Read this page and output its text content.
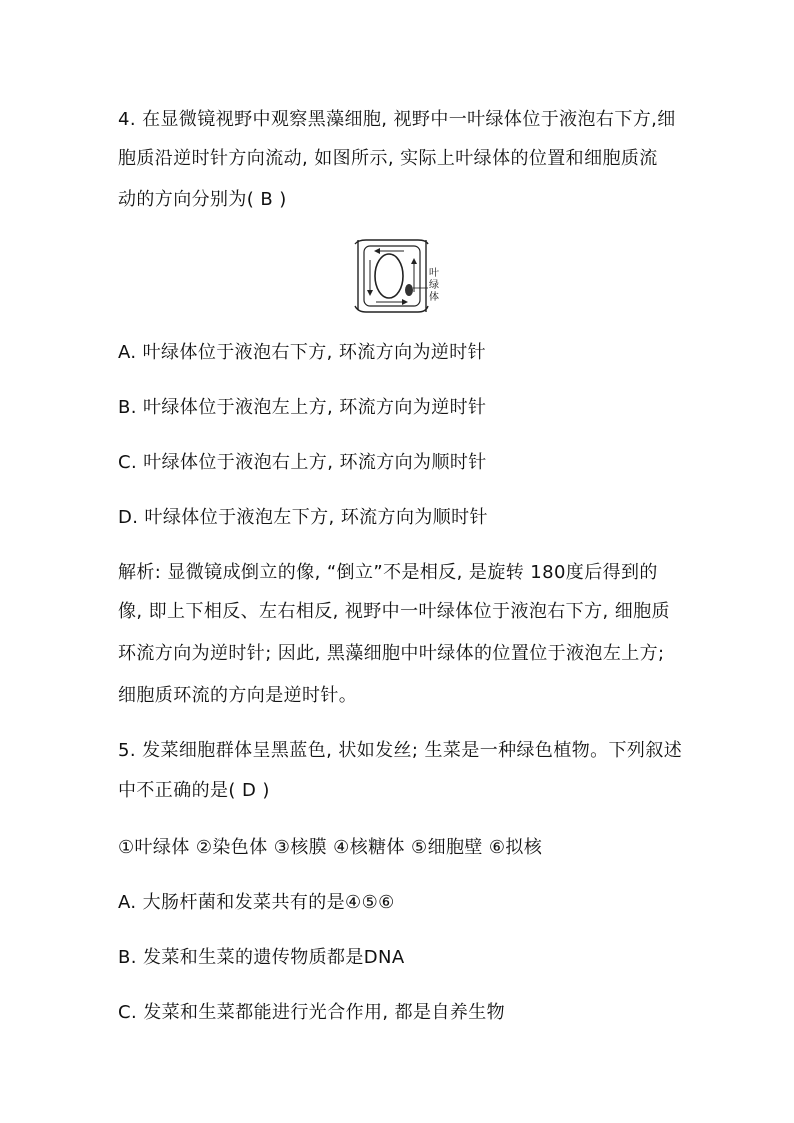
4. 在显微镜视野中观察黑藻细胞, 视野中一叶绿体位于液泡右下方,细
胞质沿逆时针方向流动, 如图所示, 实际上叶绿体的位置和细胞质流
动的方向分别为( B )
叶
绿
体
A. 叶绿体位于液泡右下方, 环流方向为逆时针
B. 叶绿体位于液泡左上方, 环流方向为逆时针
C. 叶绿体位于液泡右上方, 环流方向为顺时针
D. 叶绿体位于液泡左下方, 环流方向为顺时针
解析: 显微镜成倒立的像, “倒立”不是相反, 是旋转 180度后得到的
像, 即上下相反、左右相反, 视野中一叶绿体位于液泡右下方, 细胞质
环流方向为逆时针; 因此, 黑藻细胞中叶绿体的位置位于液泡左上方;
细胞质环流的方向是逆时针。
5. 发菜细胞群体呈黑蓝色, 状如发丝; 生菜是一种绿色植物。下列叙述
中不正确的是( D )
①叶绿体 ②染色体 ③核膜 ④核糖体 ⑤细胞壁 ⑥拟核
A. 大肠杆菌和发菜共有的是④⑤⑥
B. 发菜和生菜的遗传物质都是DNA
C. 发菜和生菜都能进行光合作用, 都是自养生物
